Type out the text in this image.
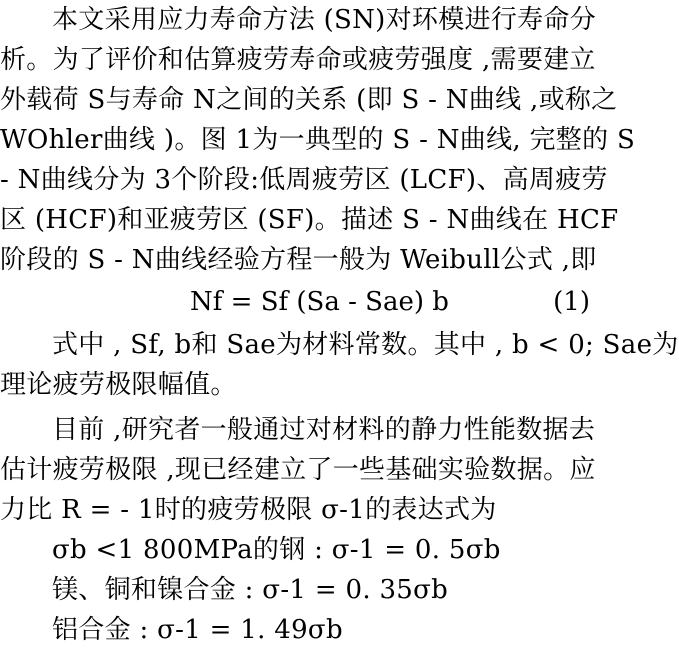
本文采用应力寿命方法 (SN)对环模进行寿命分
析。为了评价和估算疲劳寿命或疲劳强度 ,需要建立
外载荷 S与寿命 N之间的关系 (即 S - N曲线 ,或称之
WOhler曲线 )。图 1为一典型的 S - N曲线, 完整的 S
- N曲线分为 3个阶段:低周疲劳区 (LCF)、高周疲劳
区 (HCF)和亚疲劳区 (SF)。描述 S - N曲线在 HCF
阶段的 S - N曲线经验方程一般为 Weibull公式 ,即
Nf = Sf (Sa - Sae) b	(1)
式中 , Sf, b和 Sae为材料常数。其中 , b < 0; Sae为
理论疲劳极限幅值。
目前 ,研究者一般通过对材料的静力性能数据去
估计疲劳极限 ,现已经建立了一些基础实验数据。应
力比 R = - 1时的疲劳极限 σ-1的表达式为
σb <1 800MPa的钢 : σ-1 = 0. 5σb
镁、铜和镍合金 : σ-1 = 0. 35σb
铝合金 : σ-1 = 1. 49σb
